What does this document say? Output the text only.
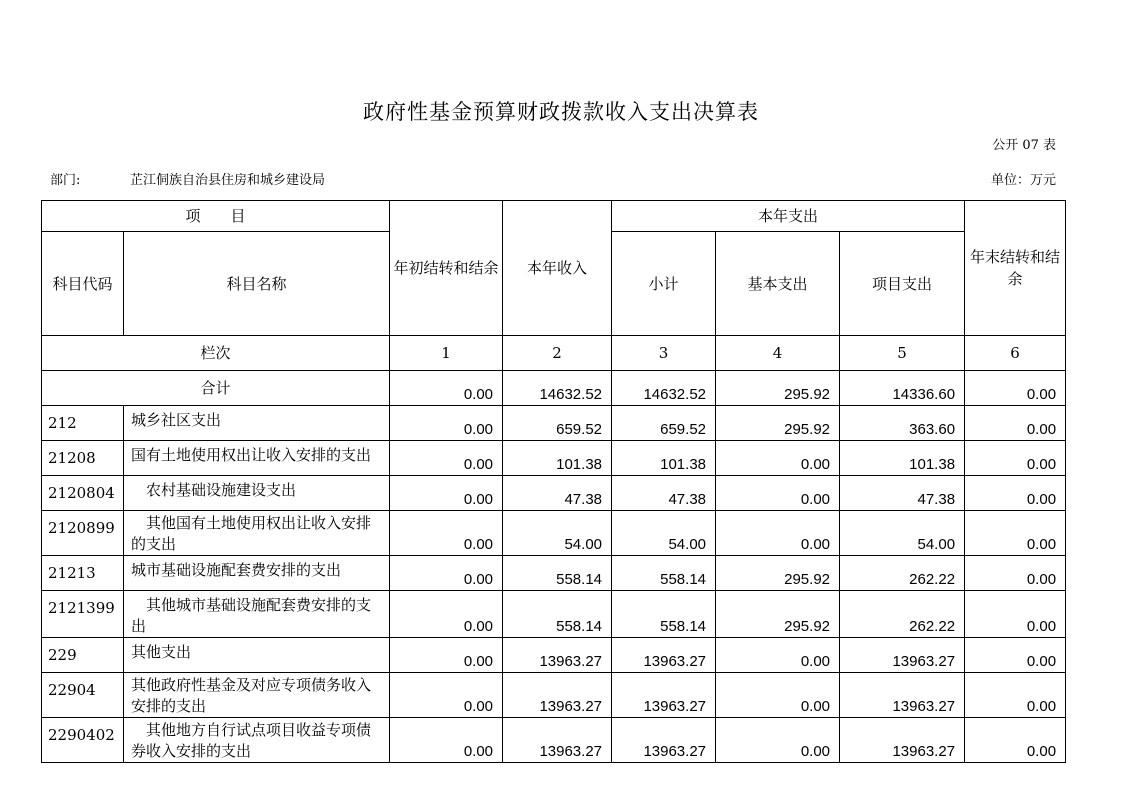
政府性基金预算财政拨款收入支出决算表
公开 07 表
部门:	芷江侗族自治县住房和城乡建设局	单位：万元
项　　目		年初结转和结余	本年收入	本年支出			年末结转和结余
科目代码	科目名称			小计	基本支出	项目支出	
栏次		1	2	3	4	5	6
合计		0.00	14632.52	14632.52	295.92	14336.60	0.00
212	城乡社区支出	0.00	659.52	659.52	295.92	363.60	0.00
21208	国有土地使用权出让收入安排的支出	0.00	101.38	101.38	0.00	101.38	0.00
2120804	农村基础设施建设支出	0.00	47.38	47.38	0.00	47.38	0.00
2120899	其他国有土地使用权出让收入安排的支出	0.00	54.00	54.00	0.00	54.00	0.00
21213	城市基础设施配套费安排的支出	0.00	558.14	558.14	295.92	262.22	0.00
2121399	其他城市基础设施配套费安排的支出	0.00	558.14	558.14	295.92	262.22	0.00
229	其他支出	0.00	13963.27	13963.27	0.00	13963.27	0.00
22904	其他政府性基金及对应专项债务收入安排的支出	0.00	13963.27	13963.27	0.00	13963.27	0.00
2290402	其他地方自行试点项目收益专项债券收入安排的支出	0.00	13963.27	13963.27	0.00	13963.27	0.00
